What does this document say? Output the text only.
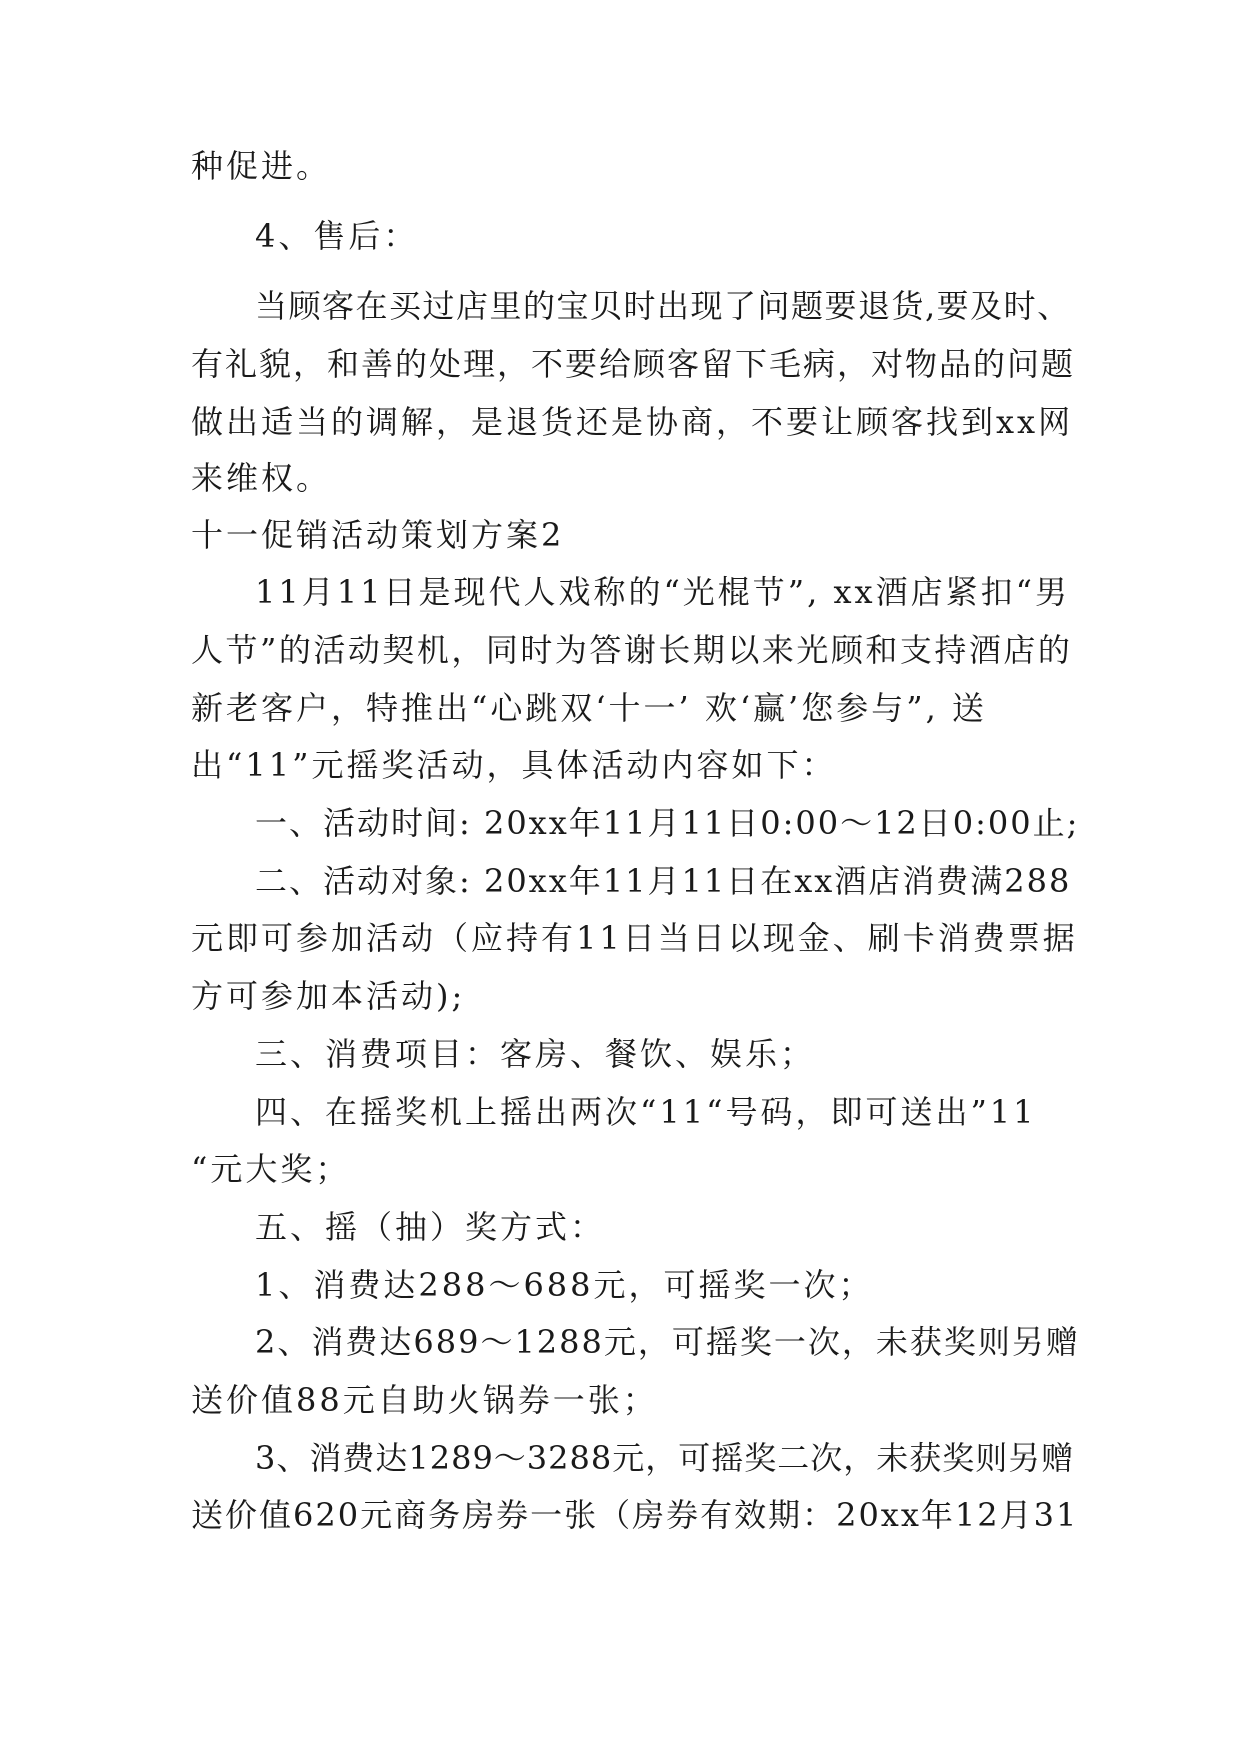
种促进。
4、售后：
当顾客在买过店里的宝贝时出现了问题要退货,要及时、
有礼貌，和善的处理，不要给顾客留下毛病，对物品的问题
做出适当的调解，是退货还是协商，不要让顾客找到xx网
来维权。
十一促销活动策划方案2
11月11日是现代人戏称的“光棍节”, xx酒店紧扣“男
人节”的活动契机，同时为答谢长期以来光顾和支持酒店的
新老客户，特推出“心跳双‘十一’ 欢‘赢’您参与”, 送
出“11”元摇奖活动，具体活动内容如下：
一、活动时间: 20xx年11月11日0:00～12日0:00止;
二、活动对象: 20xx年11月11日在xx酒店消费满288
元即可参加活动（应持有11日当日以现金、刷卡消费票据
方可参加本活动);
三、消费项目：客房、餐饮、娱乐；
四、在摇奖机上摇出两次“11“号码，即可送出”11
“元大奖；
五、摇（抽）奖方式：
1、消费达288～688元，可摇奖一次；
2、消费达689～1288元，可摇奖一次，未获奖则另赠
送价值88元自助火锅券一张；
3、消费达1289～3288元，可摇奖二次，未获奖则另赠
送价值620元商务房券一张（房券有效期：20xx年12月31
